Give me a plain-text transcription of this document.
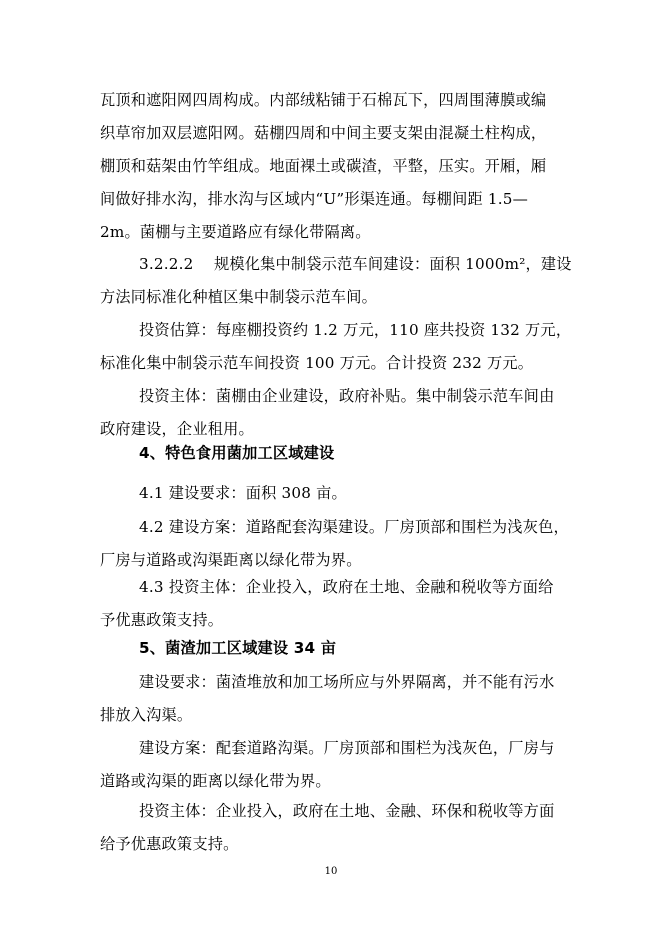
瓦顶和遮阳网四周构成。内部绒粘铺于石棉瓦下，四周围薄膜或编
织草帘加双层遮阳网。菇棚四周和中间主要支架由混凝土柱构成，
棚顶和菇架由竹竿组成。地面裸土或碳渣，平整，压实。开厢，厢
间做好排水沟，排水沟与区域内“U”形渠连通。每棚间距 1.5—
2m。菌棚与主要道路应有绿化带隔离。

3.2.2.2　 规模化集中制袋示范车间建设：面积 1000m²，建设
方法同标准化种植区集中制袋示范车间。

投资估算：每座棚投资约 1.2 万元，110 座共投资 132 万元，
标准化集中制袋示范车间投资 100 万元。合计投资 232 万元。

投资主体：菌棚由企业建设，政府补贴。集中制袋示范车间由
政府建设，企业租用。

4、特色食用菌加工区域建设

4.1 建设要求：面积 308 亩。

4.2 建设方案：道路配套沟渠建设。厂房顶部和围栏为浅灰色，
厂房与道路或沟渠距离以绿化带为界。

4.3 投资主体：企业投入，政府在土地、金融和税收等方面给
予优惠政策支持。

5、菌渣加工区域建设 34 亩

建设要求：菌渣堆放和加工场所应与外界隔离，并不能有污水
排放入沟渠。

建设方案：配套道路沟渠。厂房顶部和围栏为浅灰色，厂房与
道路或沟渠的距离以绿化带为界。

投资主体：企业投入，政府在土地、金融、环保和税收等方面
给予优惠政策支持。

10
